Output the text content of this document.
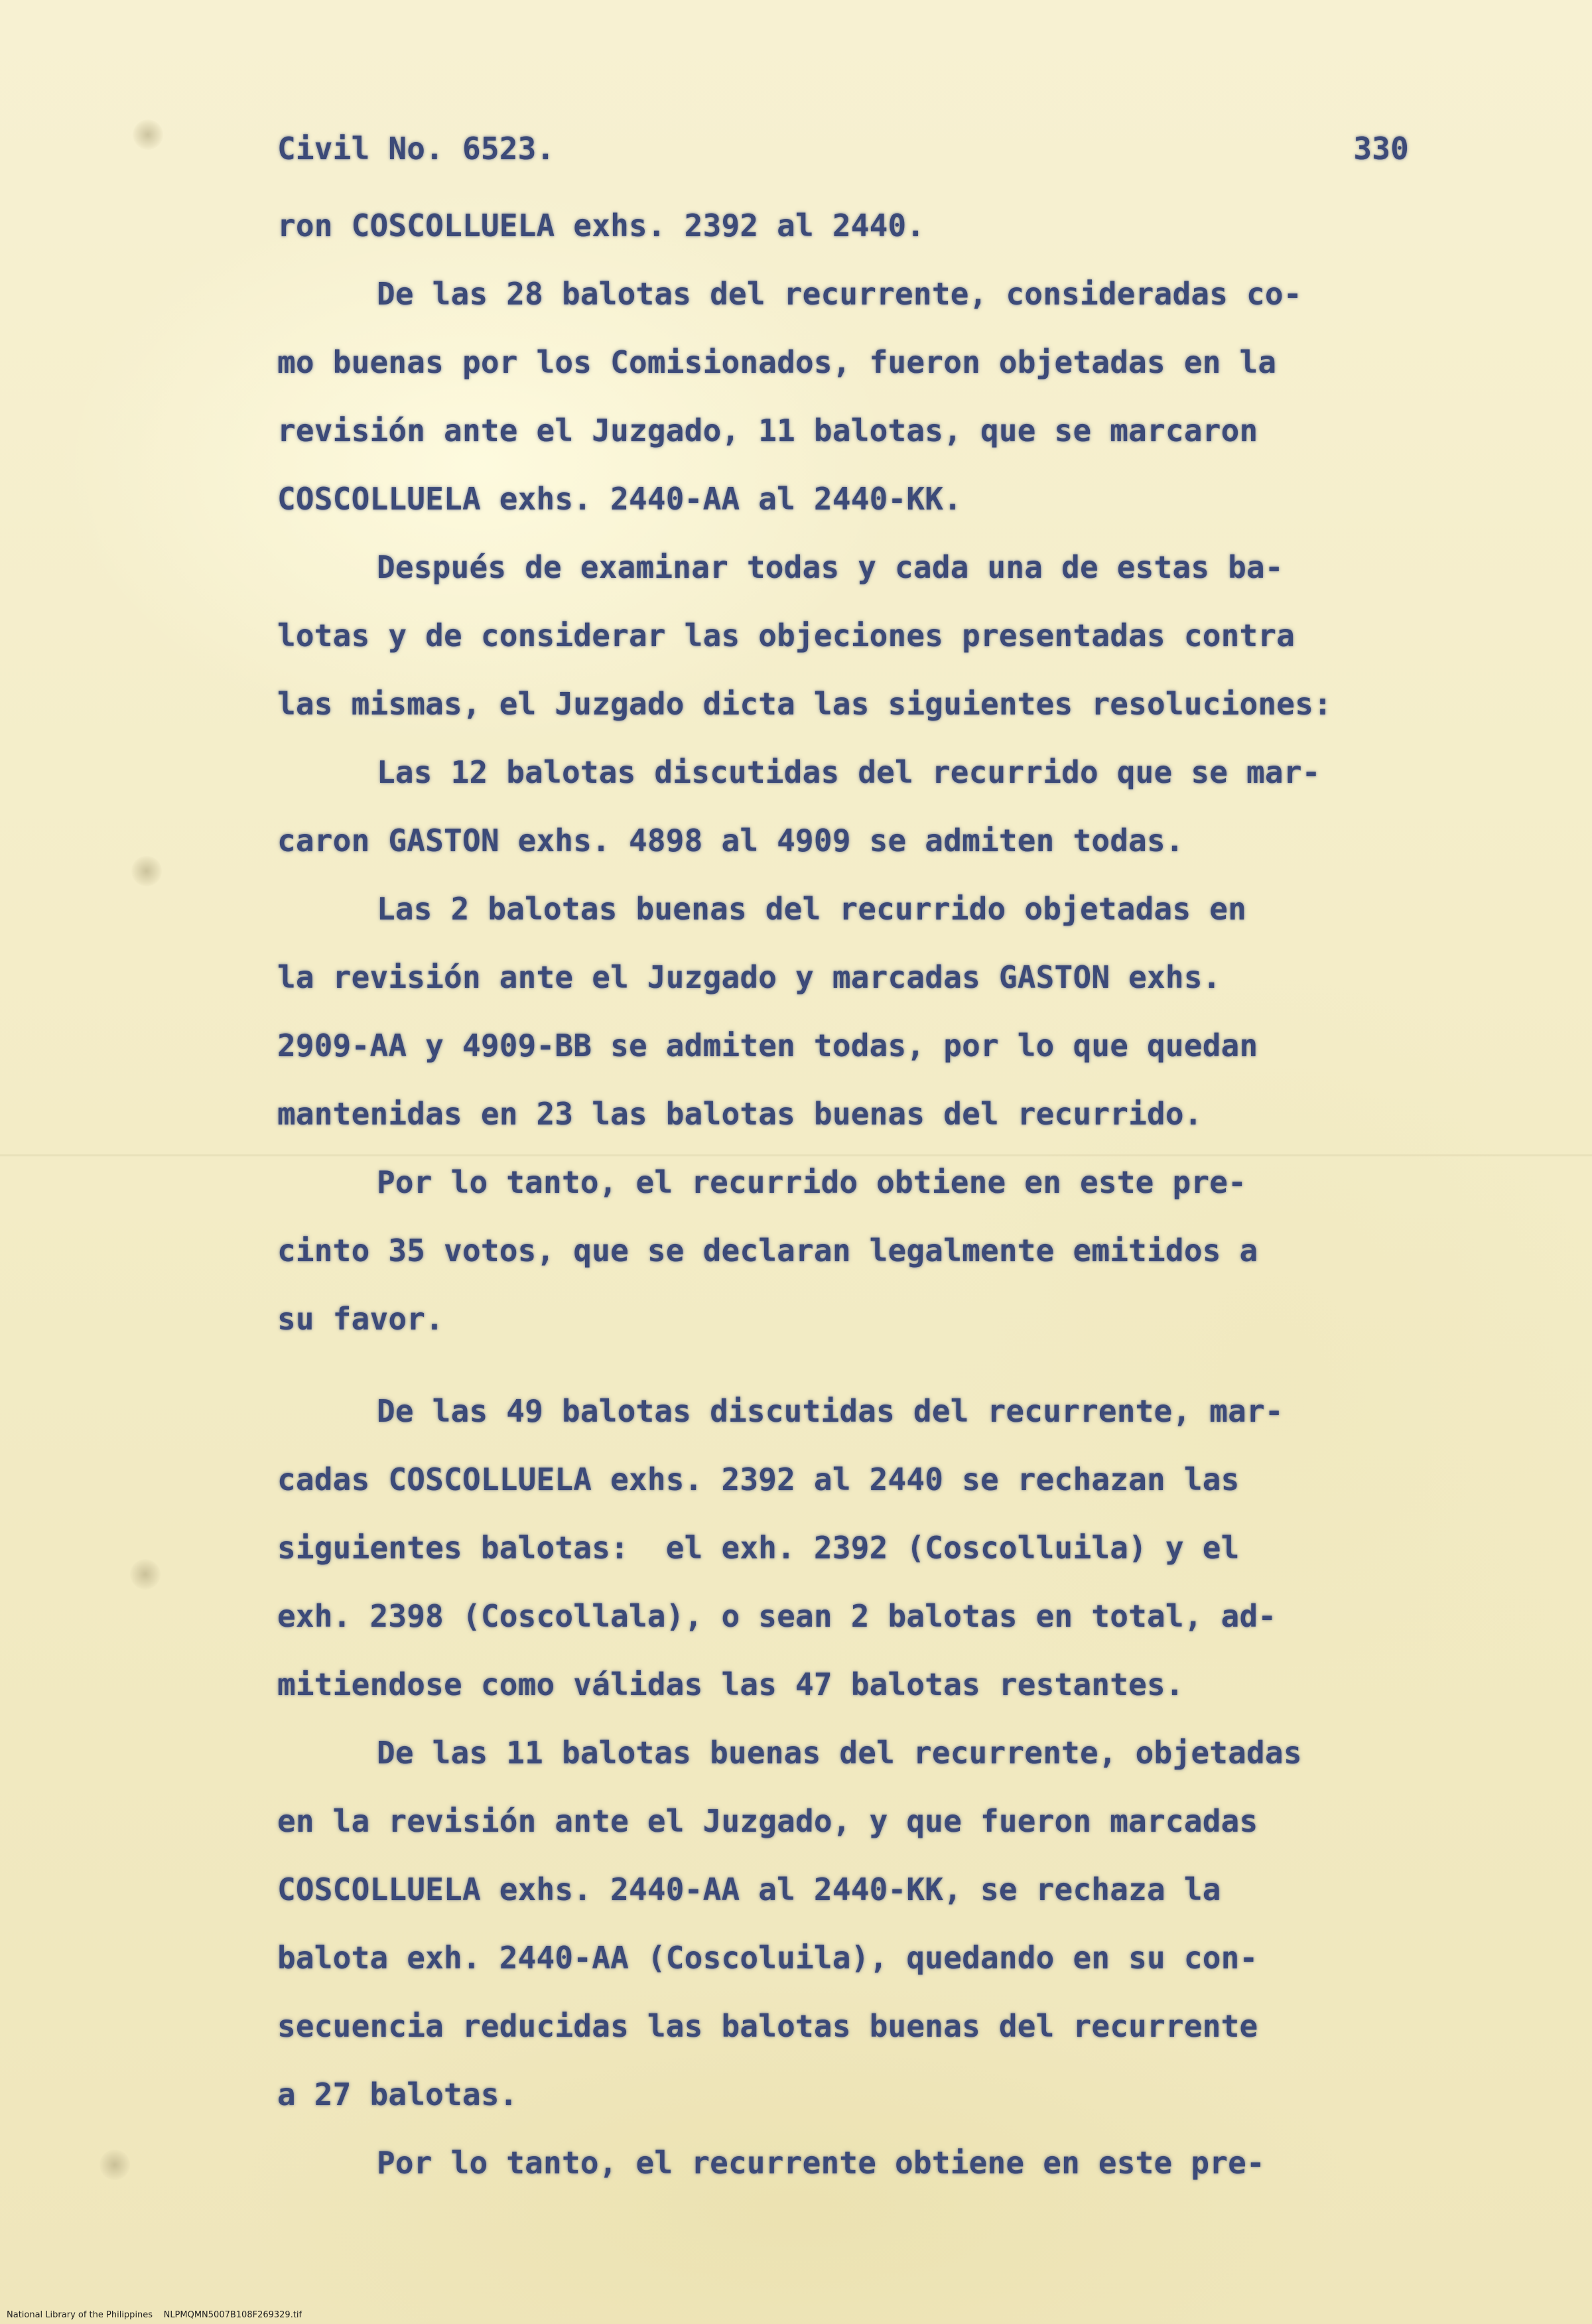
Civil No. 6523.	330
ron COSCOLLUELA exhs. 2392 al 2440.
De las 28 balotas del recurrente, consideradas co-
mo buenas por los Comisionados, fueron objetadas en la
revisión ante el Juzgado, 11 balotas, que se marcaron
COSCOLLUELA exhs. 2440-AA al 2440-KK.
Después de examinar todas y cada una de estas ba-
lotas y de considerar las objeciones presentadas contra
las mismas, el Juzgado dicta las siguientes resoluciones:
Las 12 balotas discutidas del recurrido que se mar-
caron GASTON exhs. 4898 al 4909 se admiten todas.
Las 2 balotas buenas del recurrido objetadas en
la revisión ante el Juzgado y marcadas GASTON exhs.
2909-AA y 4909-BB se admiten todas, por lo que quedan
mantenidas en 23 las balotas buenas del recurrido.
Por lo tanto, el recurrido obtiene en este pre-
cinto 35 votos, que se declaran legalmente emitidos a
su favor.
De las 49 balotas discutidas del recurrente, mar-
cadas COSCOLLUELA exhs. 2392 al 2440 se rechazan las
siguientes balotas:  el exh. 2392 (Coscolluila) y el
exh. 2398 (Coscollala), o sean 2 balotas en total, ad-
mitiendose como válidas las 47 balotas restantes.
De las 11 balotas buenas del recurrente, objetadas
en la revisión ante el Juzgado, y que fueron marcadas
COSCOLLUELA exhs. 2440-AA al 2440-KK, se rechaza la
balota exh. 2440-AA (Coscoluila), quedando en su con-
secuencia reducidas las balotas buenas del recurrente
a 27 balotas.
Por lo tanto, el recurrente obtiene en este pre-
National Library of the Philippines    NLPMQMN5007B108F269329.tif
